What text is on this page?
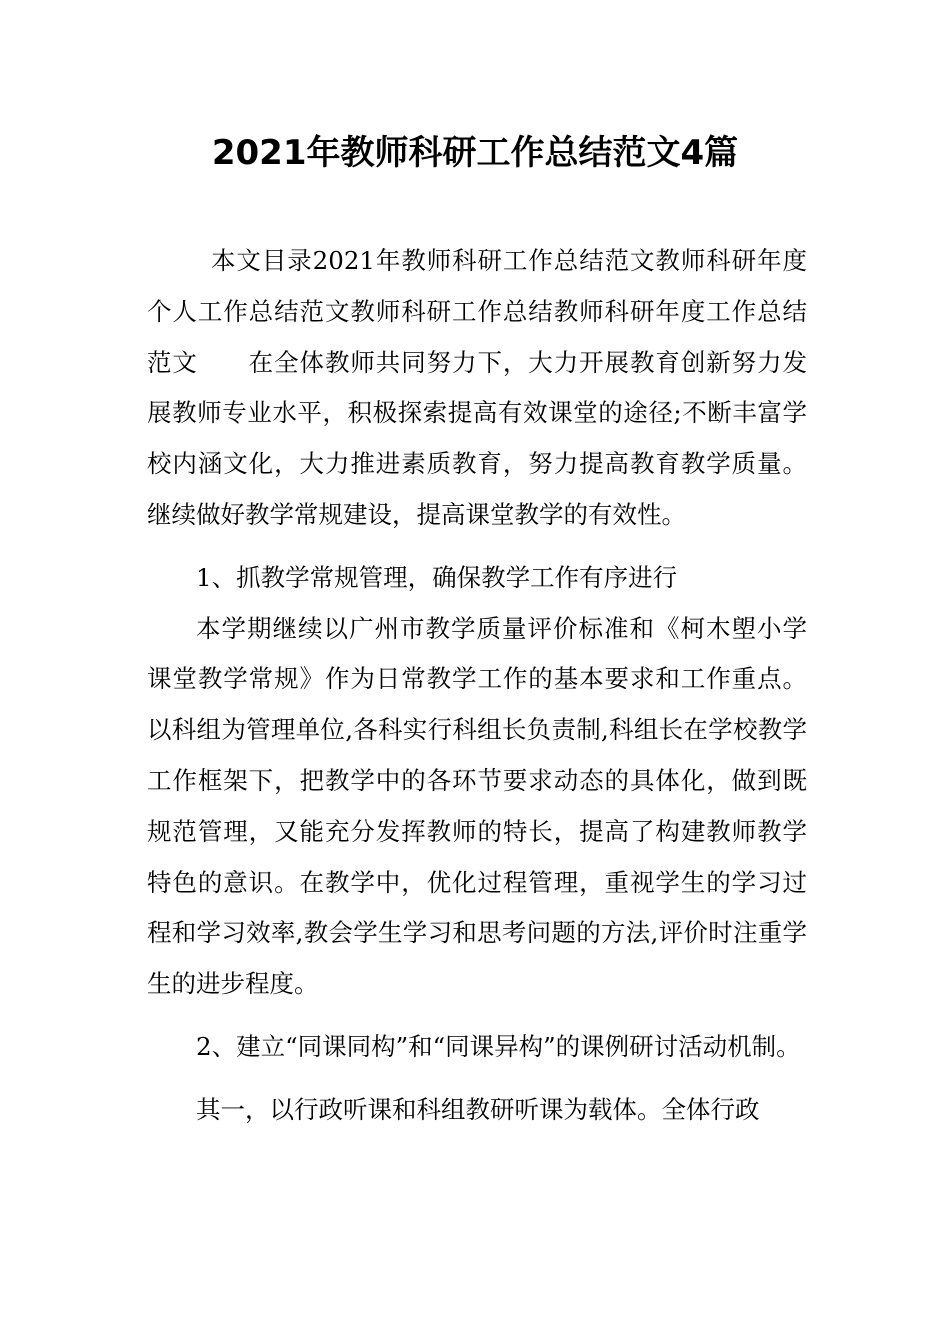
2021年教师科研工作总结范文4篇

本文目录2021年教师科研工作总结范文教师科研年度个人工作总结范文教师科研工作总结教师科研年度工作总结范文　　在全体教师共同努力下，大力开展教育创新努力发展教师专业水平，积极探索提高有效课堂的途径;不断丰富学校内涵文化，大力推进素质教育，努力提高教育教学质量。继续做好教学常规建设，提高课堂教学的有效性。

1、抓教学常规管理，确保教学工作有序进行

本学期继续以广州市教学质量评价标准和《柯木塱小学课堂教学常规》作为日常教学工作的基本要求和工作重点。以科组为管理单位,各科实行科组长负责制,科组长在学校教学工作框架下，把教学中的各环节要求动态的具体化，做到既规范管理，又能充分发挥教师的特长，提高了构建教师教学特色的意识。在教学中，优化过程管理，重视学生的学习过程和学习效率,教会学生学习和思考问题的方法,评价时注重学生的进步程度。

2、建立“同课同构”和“同课异构”的课例研讨活动机制。

其一，以行政听课和科组教研听课为载体。全体行政
